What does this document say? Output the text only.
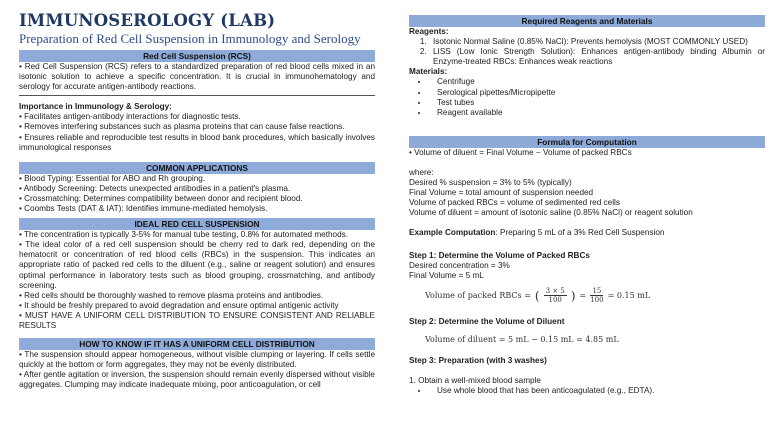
IMMUNOSEROLOGY (LAB)
Preparation of Red Cell Suspension in Immunology and Serology
Red Cell Suspension (RCS)
• Red Cell Suspension (RCS) refers to a standardized preparation of red blood cells mixed in an isotonic solution to achieve a specific concentration. It is crucial in immunohematology and serology for accurate antigen-antibody reactions.
Importance in Immunology & Serology:
• Facilitates antigen-antibody interactions for diagnostic tests.
• Removes interfering substances such as plasma proteins that can cause false reactions.
• Ensures reliable and reproducible test results in blood bank procedures, which basically involves immunological responses
COMMON APPLICATIONS
• Blood Typing: Essential for ABO and Rh grouping.
• Antibody Screening: Detects unexpected antibodies in a patient's plasma.
• Crossmatching: Determines compatibility between donor and recipient blood.
• Coombs Tests (DAT & IAT): Identifies immune-mediated hemolysis.
IDEAL RED CELL SUSPENSION
• The concentration is typically 3-5% for manual tube testing, 0.8% for automated methods.
• The ideal color of a red cell suspension should be cherry red to dark red, depending on the hematocrit or concentration of red blood cells (RBCs) in the suspension. This indicates an appropriate ratio of packed red cells to the diluent (e.g., saline or reagent solution) and ensures optimal performance in laboratory tests such as blood grouping, crossmatching, and antibody screening.
• Red cells should be thoroughly washed to remove plasma proteins and antibodies.
• It should be freshly prepared to avoid degradation and ensure optimal antigenic activity
• MUST HAVE A UNIFORM CELL DISTRIBUTION TO ENSURE CONSISTENT AND RELIABLE RESULTS
HOW TO KNOW IF IT HAS A UNIFORM CELL DISTRIBUTION
• The suspension should appear homogeneous, without visible clumping or layering. If cells settle quickly at the bottom or form aggregates, they may not be evenly distributed.
• After gentle agitation or inversion, the suspension should remain evenly dispersed without visible aggregates. Clumping may indicate inadequate mixing, poor anticoagulation, or cell
Required Reagents and Materials
Reagents:
1. Isotonic Normal Saline (0.85% NaCl): Prevents hemolysis (MOST COMMONLY USED)
2. LISS (Low Ionic Strength Solution): Enhances antigen-antibody binding Albumin or Enzyme-treated RBCs: Enhances weak reactions
Materials:
• Centrifuge
• Serological pipettes/Micropipette
• Test tubes
• Reagent available
Formula for Computation
• Volume of diluent = Final Volume − Volume of packed RBCs
where:
Desired % suspension = 3% to 5% (typically)
Final Volume = total amount of suspension needed
Volume of packed RBCs = volume of sedimented red cells
Volume of diluent = amount of isotonic saline (0.85% NaCl) or reagent solution
Example Computation: Preparing 5 mL of a 3% Red Cell Suspension
Step 1: Determine the Volume of Packed RBCs
Desired concentration = 3%
Final Volume = 5 mL
Volume of packed RBCs = ( $\frac{3 \times 5}{100}$ ) = $\frac{15}{100} = 0.15$ mL
Step 2: Determine the Volume of Diluent
Volume of diluent = 5 mL − 0.15 mL = 4.85 mL
Step 3: Preparation (with 3 washes)
1. Obtain a well-mixed blood sample
• Use whole blood that has been anticoagulated (e.g., EDTA).
